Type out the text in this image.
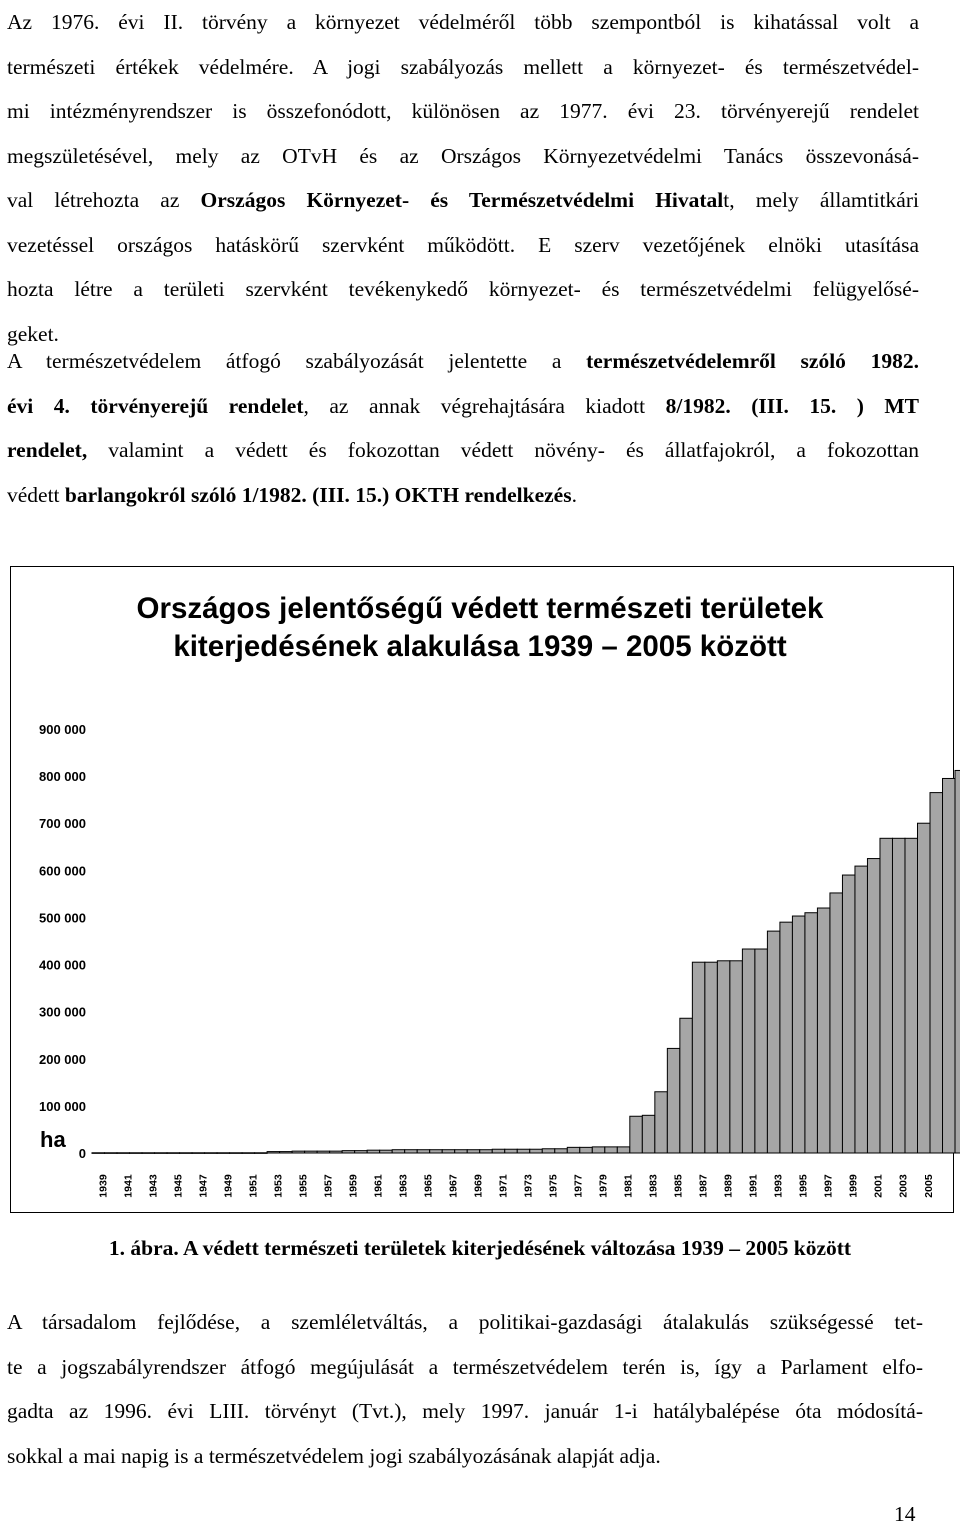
Az 1976. évi II. törvény a környezet védelméről több szempontból is kihatással volt a
természeti értékek védelmére. A jogi szabályozás mellett a környezet- és természetvédel-
mi intézményrendszer is összefonódott, különösen az 1977. évi 23. törvényerejű rendelet
megszületésével, mely az OTvH és az Országos Környezetvédelmi Tanács összevonásá-
val létrehozta az Országos Környezet- és Természetvédelmi Hivatalt, mely államtitkári
vezetéssel országos hatáskörű szervként működött. E szerv vezetőjének elnöki utasítása
hozta létre a területi szervként tevékenykedő környezet- és természetvédelmi felügyelősé-
geket.
A természetvédelem átfogó szabályozását jelentette a természetvédelemről szóló 1982.
évi 4. törvényerejű rendelet, az annak végrehajtására kiadott 8/1982. (III. 15. ) MT
rendelet, valamint a védett és fokozottan védett növény- és állatfajokról, a fokozottan
védett barlangokról szóló 1/1982. (III. 15.) OKTH rendelkezés.
Országos jelentőségű védett természeti területek
kiterjedésének alakulása 1939 – 2005 között
ha
0
100 000
200 000
300 000
400 000
500 000
600 000
700 000
800 000
900 000
1939 1941 1943 1945 1947 1949 1951 1953 1955 1957 1959 1961 1963 1965 1967 1969 1971 1973 1975 1977 1979 1981 1983 1985 1987 1989 1991 1993 1995 1997 1999 2001 2003 2005
1. ábra. A védett természeti területek kiterjedésének változása 1939 – 2005 között
A társadalom fejlődése, a szemléletváltás, a politikai-gazdasági átalakulás szükségessé tet-
te a jogszabályrendszer átfogó megújulását a természetvédelem terén is, így a Parlament elfo-
gadta az 1996. évi LIII. törvényt (Tvt.), mely 1997. január 1-i hatálybalépése óta módosítá-
sokkal a mai napig is a természetvédelem jogi szabályozásának alapját adja.
14
